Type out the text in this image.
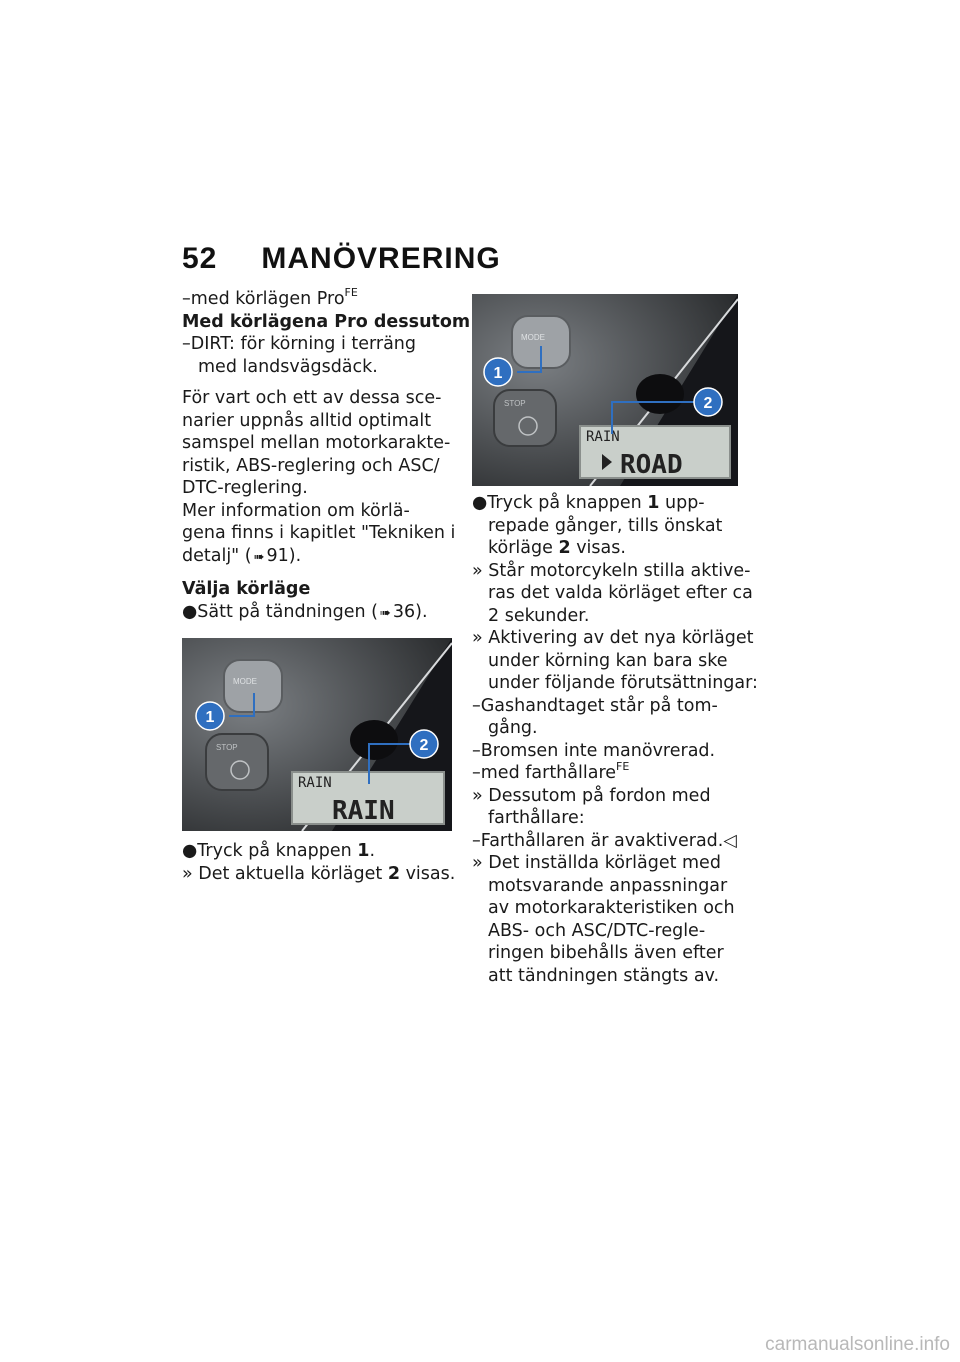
52 MANÖVRERING
–med körlägen Pro$^{FE}$
Med körlägena Pro dessutom
–DIRT: för körning i terräng
med landsvägsdäck.
För vart och ett av dessa sce-
narier uppnås alltid optimalt
samspel mellan motorkarakte-
ristik, ABS-reglering och ASC/
DTC-reglering.
Mer information om körlä-
gena finns i kapitlet "Tekniken i
detalj" ( ➠ 91).
Välja körläge
●Sätt på tändningen ( ➠ 36).
MODE
STOP
RAIN
RAIN
1
2
●Tryck på knappen 1.
» Det aktuella körläget 2 visas.
MODE
STOP
RAIN
ROAD
1
2
●Tryck på knappen 1 upp-
repade gånger, tills önskat
körläge 2 visas.
» Står motorcykeln stilla aktive-
ras det valda körläget efter ca
2 sekunder.
» Aktivering av det nya körläget
under körning kan bara ske
under följande förutsättningar:
–Gashandtaget står på tom-
gång.
–Bromsen inte manövrerad.
–med farthållare$^{FE}$
» Dessutom på fordon med
farthållare:
–Farthållaren är avaktiverad.◁
» Det inställda körläget med
motsvarande anpassningar
av motorkarakteristiken och
ABS- och ASC/DTC-regle-
ringen bibehålls även efter
att tändningen stängts av.
carmanualsonline.info
